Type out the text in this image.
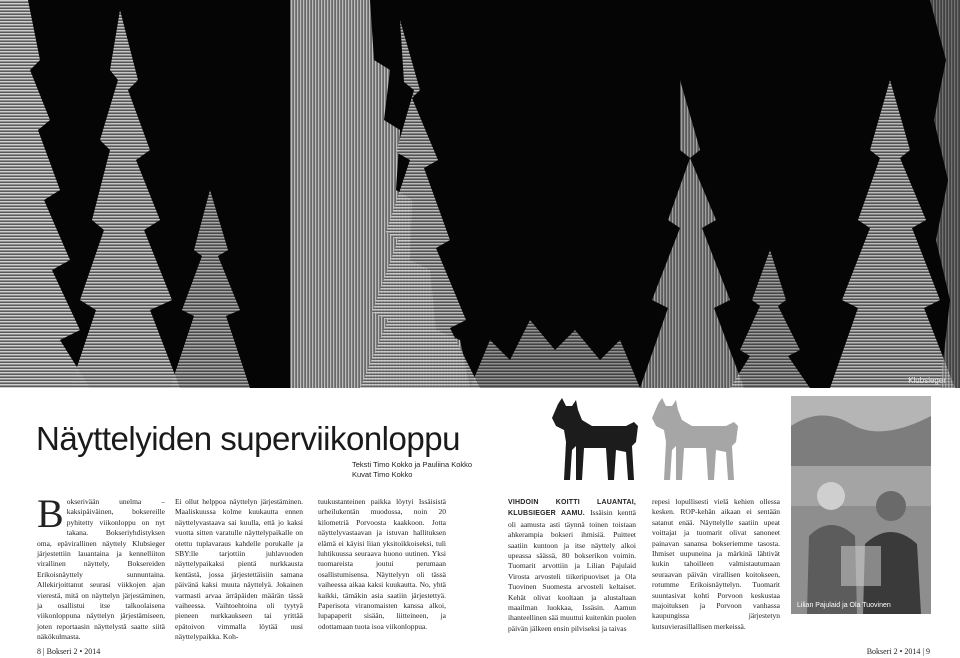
Klubsieger
Näyttelyiden superviikonloppu
Teksti Timo Kokko ja Pauliina Kokko
Kuvat Timo Kokko

Bokserivään unelma – kaksipäiväinen, boksereille pyhitetty viikonloppu on nyt takana. Bokseriyhdistyksen oma, epävirallinen näyttely Klubsieger järjestettiin lauantaina ja kennelliiton virallinen näyttely, Boksereiden Erikoisnäyttely sunnuntaina. Allekirjoittanut seurasi viikkojen ajan vierestä, mitä on näyttelyn järjestäminen, ja osallistui itse talkoolaisena viikonloppuna näyttelyn järjestämiseen, joten reportaasin näyttelystä saatte siitä näkökulmasta.

Ei ollut helppoa näyttelyn järjestäminen. Maaliskuussa kolme kuukautta ennen näyttelyvastaava sai kuulla, että jo kaksi vuotta sitten varatulle näyttelypaikalle on otettu tuplavaraus kahdelle porukalle ja SBY:lle tarjottiin juhlavuoden näyttelypaikaksi pientä nurkkausta kentästä, jossa järjestettäisiin samana päivänä kaksi muuta näyttelyä. Jokainen varmasti arvaa ärräpäiden määrän tässä vaiheessa. Vaihtoehtoina oli tyytyä pieneen nurkkaukseen tai yrittää epätoivon vimmalla löytää uusi näyttelypaikka. Koh-

tuukustanteinen paikka löytyi Issäisistä urheilukentän muodossa, noin 20 kilometriä Porvoosta kaakkoon. Jotta näyttelyvastaavan ja istuvan hallituksen elämä ei käyisi liian yksitoikkoiseksi, tuli luhtikuussa seuraava huono uutinen. Yksi tuomareista joutui perumaan osallistumisensa. Näyttelyyn oli tässä vaiheessa aikaa kaksi kuukautta. No, yhtä kaikki, tämäkin asia saatiin järjestettyä. Paperisota viranomaisten kanssa alkoi, lupapaperit sisään, liitteineen, ja odottamaan tuota isoa viikonloppua.

VIHDOIN KOITTI LAUANTAI, KLUBSIEGER AAMU. Issäisin kenttä oli aamusta asti täynnä toinen toistaan ahkerampia bokseri ihmisiä. Puitteet saatiin kuntoon ja itse näyttely alkoi upeassa säässä, 80 bokserikon voimin. Tuomarit arvottiin ja Lilian Pajulaid Virosta arvosteli tiikeripuoviset ja Ola Tuovinen Suomesta arvosteli keltaiset. Kehät olivat kooltaan ja alustaltaan maailman luokkaa, Issäsin. Aamun ihanteellinen sää muuttui kuitenkin puolen päivän jälkeen ensin pilviseksi ja taivas

repesi lopullisesti vielä kehien ollessa kesken. ROP-kehän aikaan ei sentään satanut enää. Näyttelylle saatiin upeat voittajat ja tuomarit olivat sanoneet painavan sanansa bokseriemme tasosta. Ihmiset uupuneina ja märkinä lähtivät kukin tahoilleen valmistautumaan seuraavan päivän virallisen koitokseen, rotumme Erikoisnäyttelyn. Tuomarit suuntasivat kohti Porvoon keskustaa majoituksen ja Porvoon vanhassa kaupungissa järjestetyn kutsuvierasillallisen merkeissä.

Lilian Pajulaid ja Ola Tuovinen
8 | Bokseri 2 • 2014	Bokseri 2 • 2014 | 9
